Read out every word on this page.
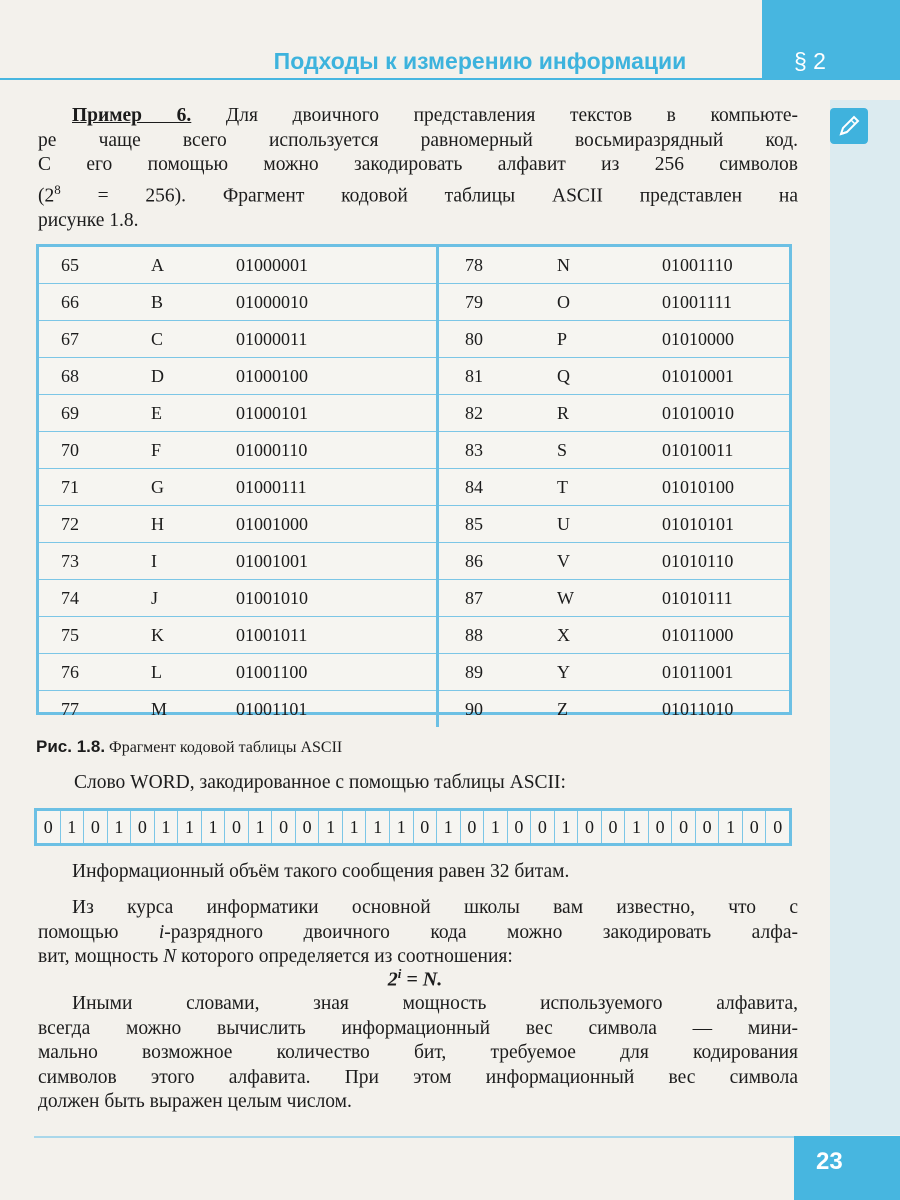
Подходы к измерению информации	§ 2
Пример 6. Для двоичного представления текстов в компьюте-
ре чаще всего используется равномерный восьмиразрядный код.
С его помощью можно закодировать алфавит из 256 символов
$(2^8 = 256)$. Фрагмент кодовой таблицы ASCII представлен на
рисунке 1.8.
65	A	01000001	78	N	01001110
66	B	01000010	79	O	01001111
67	C	01000011	80	P	01010000
68	D	01000100	81	Q	01010001
69	E	01000101	82	R	01010010
70	F	01000110	83	S	01010011
71	G	01000111	84	T	01010100
72	H	01001000	85	U	01010101
73	I	01001001	86	V	01010110
74	J	01001010	87	W	01010111
75	K	01001011	88	X	01011000
76	L	01001100	89	Y	01011001
77	M	01001101	90	Z	01011010
Рис. 1.8. Фрагмент кодовой таблицы ASCII
Слово WORD, закодированное с помощью таблицы ASCII:
0 1 0 1 0 1 1 1 0 1 0 0 1 1 1 1 0 1 0 1 0 0 1 0 0 1 0 0 0 1 0 0
Информационный объём такого сообщения равен 32 битам.
Из курса информатики основной школы вам известно, что с
помощью i-разрядного двоичного кода можно закодировать алфа-
вит, мощность N которого определяется из соотношения:
$2^i = N$.
Иными словами, зная мощность используемого алфавита,
всегда можно вычислить информационный вес символа — мини-
мально возможное количество бит, требуемое для кодирования
символов этого алфавита. При этом информационный вес символа
должен быть выражен целым числом.
23
